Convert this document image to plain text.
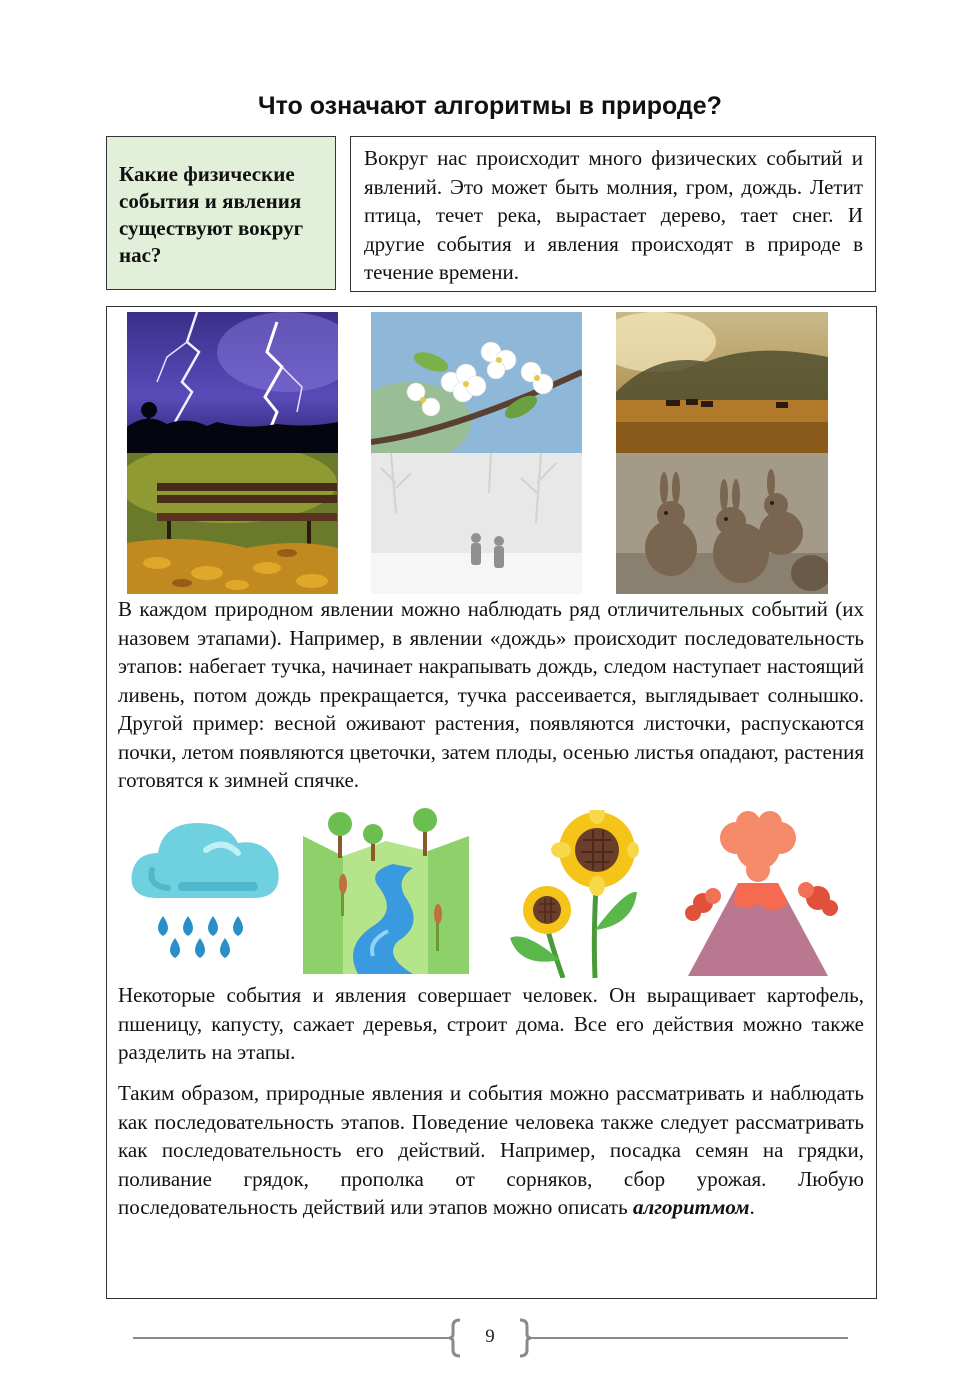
Что означают алгоритмы в природе?
Какие физические события и явления существуют вокруг нас?
Вокруг нас происходит много физических событий и явлений. Это может быть молния, гром, дождь. Летит птица, течет река, вырастает дерево, тает снег. И другие события и явления происходят в природе в течение времени.

В каждом природном явлении можно наблюдать ряд отличительных событий (их назовем этапами). Например, в явлении «дождь» происходит последовательность этапов: набегает тучка, начинает накрапывать дождь, следом наступает настоящий ливень, потом дождь прекращается, тучка рассеивается, выглядывает солнышко. Другой пример: весной оживают растения, появляются листочки, распускаются почки, летом появляются цветочки, затем плоды, осенью листья опадают, растения готовятся к зимней спячке.

Некоторые события и явления совершает человек. Он выращивает картофель, пшеницу, капусту, сажает деревья, строит дома. Все его действия можно также разделить на этапы.

Таким образом, природные явления и события можно рассматривать и наблюдать как последовательность этапов. Поведение человека также следует рассматривать как последовательность его действий. Например, посадка семян на грядки, поливание грядок, прополка от сорняков, сбор урожая. Любую последовательность действий или этапов можно описать алгоритмом.

9
